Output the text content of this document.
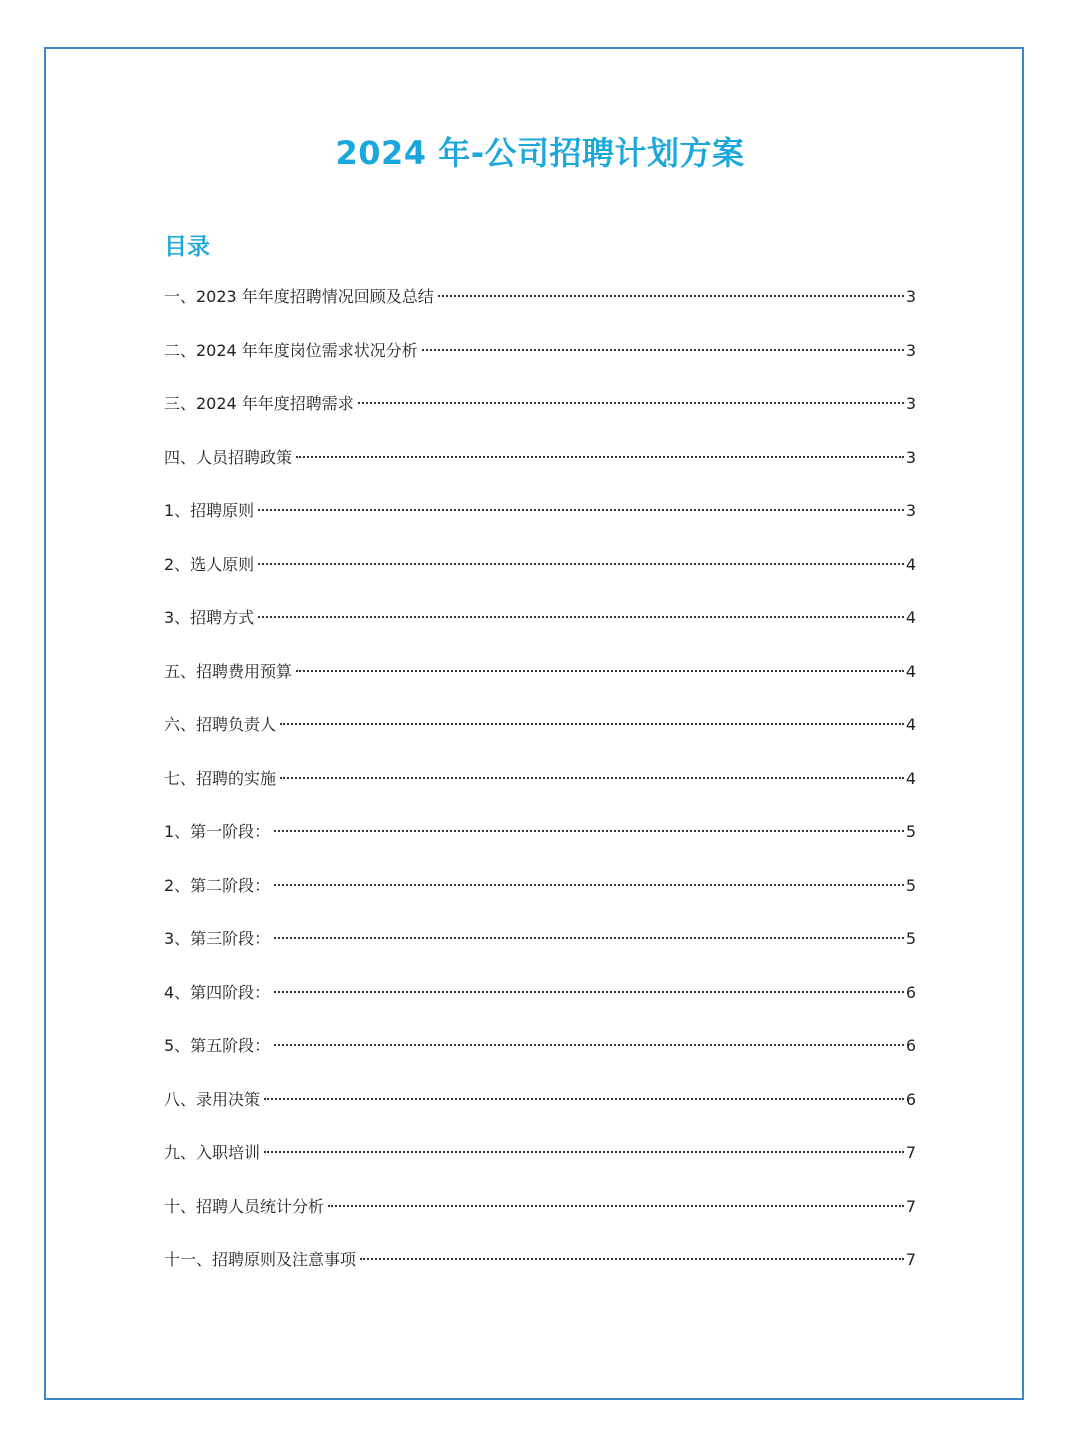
2024 年-公司招聘计划方案
目录
一、2023 年年度招聘情况回顾及总结	3
二、2024 年年度岗位需求状况分析	3
三、2024 年年度招聘需求	3
四、人员招聘政策	3
1、招聘原则	3
2、选人原则	4
3、招聘方式	4
五、招聘费用预算	4
六、招聘负责人	4
七、招聘的实施	4
1、第一阶段：	5
2、第二阶段：	5
3、第三阶段：	5
4、第四阶段：	6
5、第五阶段：	6
八、录用决策	6
九、入职培训	7
十、招聘人员统计分析	7
十一、招聘原则及注意事项	7
